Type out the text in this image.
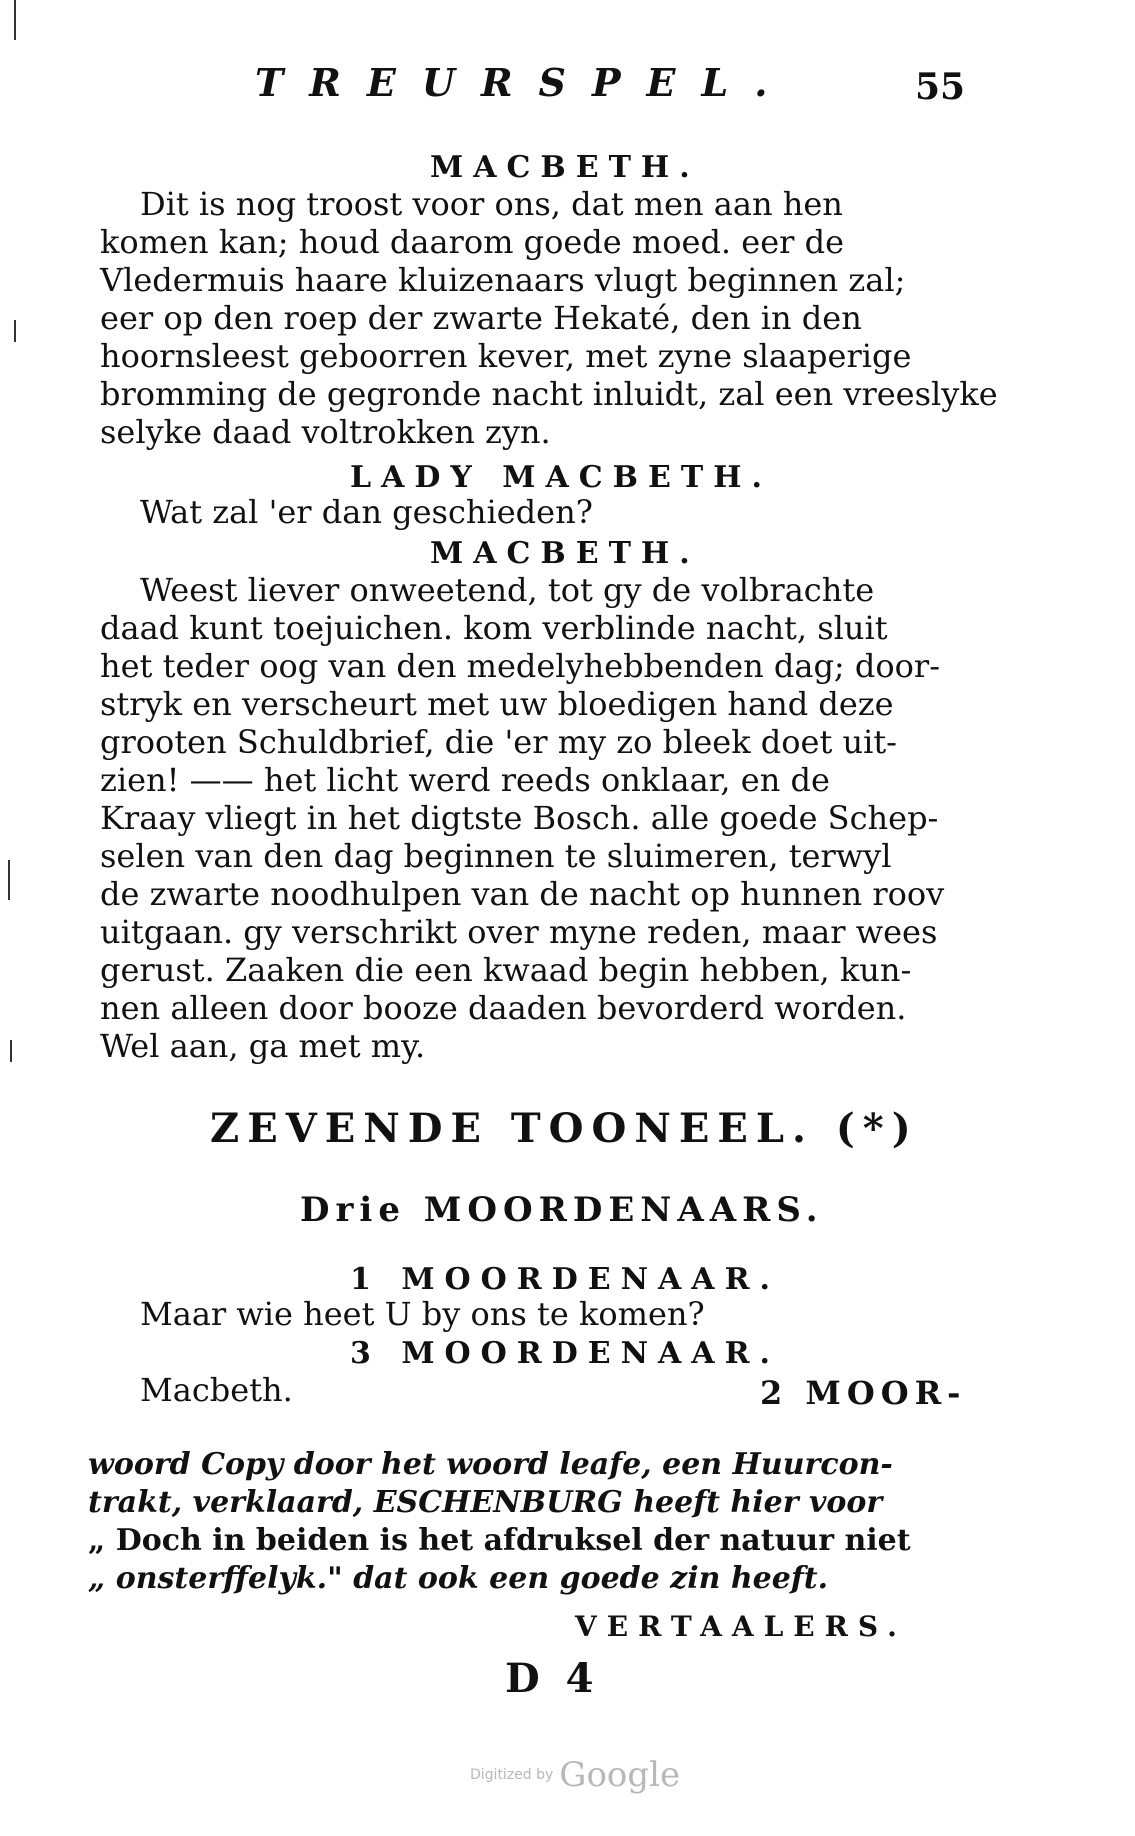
TREURSPEL.	55
MACBETH.
Dit is nog troost voor ons, dat men aan hen
komen kan; houd daarom goede moed. eer de
Vledermuis haare kluizenaars vlugt beginnen zal;
eer op den roep der zwarte Hekaté, den in den
hoornsleest geboorren kever, met zyne slaaperige
bromming de gegronde nacht inluidt, zal een vreeslyke
selyke daad voltrokken zyn.
LADY MACBETH.
Wat zal 'er dan geschieden?
MACBETH.
Weest liever onweetend, tot gy de volbrachte
daad kunt toejuichen. kom verblinde nacht, sluit
het teder oog van den medelyhebbenden dag; door-
stryk en verscheurt met uw bloedigen hand deze
grooten Schuldbrief, die 'er my zo bleek doet uit-
zien! —— het licht werd reeds onklaar, en de
Kraay vliegt in het digtste Bosch. alle goede Schep-
selen van den dag beginnen te sluimeren, terwyl
de zwarte noodhulpen van de nacht op hunnen roov
uitgaan. gy verschrikt over myne reden, maar wees
gerust. Zaaken die een kwaad begin hebben, kun-
nen alleen door booze daaden bevorderd worden.
Wel aan, ga met my.
ZEVENDE TOONEEL. (*)
Drie MOORDENAARS.
1 MOORDENAAR.
Maar wie heet U by ons te komen?
3 MOORDENAAR.
Macbeth.	2 MOOR-
woord Copy door het woord leafe, een Huurcon-
trakt, verklaard, ESCHENBURG heeft hier voor
„ Doch in beiden is het afdruksel der natuur niet
„ onsterffelyk." dat ook een goede zin heeft.
VERTAALERS.
D 4
Digitized by Google
